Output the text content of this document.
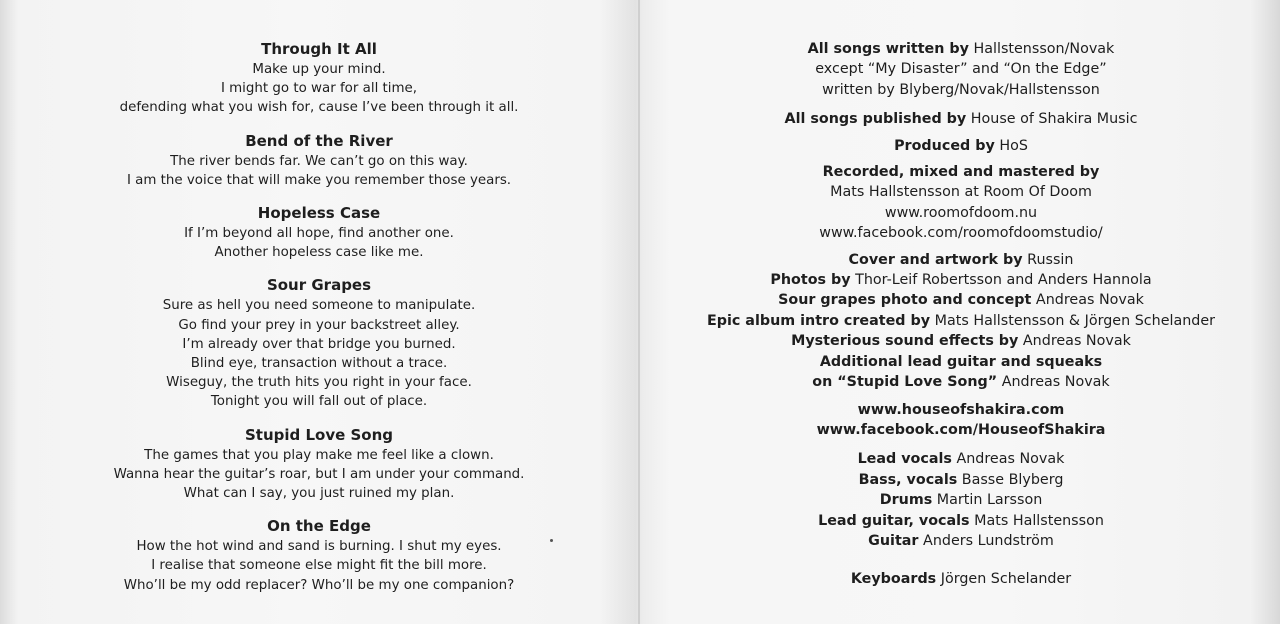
Through It All

Make up your mind.

I might go to war for all time,

defending what you wish for, cause I’ve been through it all.

Bend of the River

The river bends far. We can’t go on this way.

I am the voice that will make you remember those years.

Hopeless Case

If I’m beyond all hope, find another one.

Another hopeless case like me.

Sour Grapes

Sure as hell you need someone to manipulate.

Go find your prey in your backstreet alley.

I’m already over that bridge you burned.

Blind eye, transaction without a trace.

Wiseguy, the truth hits you right in your face.

Tonight you will fall out of place.

Stupid Love Song

The games that you play make me feel like a clown.

Wanna hear the guitar’s roar, but I am under your command.

What can I say, you just ruined my plan.

On the Edge

How the hot wind and sand is burning. I shut my eyes.

I realise that someone else might fit the bill more.

Who’ll be my odd replacer? Who’ll be my one companion?

All songs written by Hallstensson/Novak

except “My Disaster” and “On the Edge”

written by Blyberg/Novak/Hallstensson

All songs published by House of Shakira Music

Produced by HoS

Recorded, mixed and mastered by

Mats Hallstensson at Room Of Doom

www.roomofdoom.nu

www.facebook.com/roomofdoomstudio/

Cover and artwork by Russin

Photos by Thor-Leif Robertsson and Anders Hannola

Sour grapes photo and concept Andreas Novak

Epic album intro created by Mats Hallstensson & Jörgen Schelander

Mysterious sound effects by Andreas Novak

Additional lead guitar and squeaks

on “Stupid Love Song” Andreas Novak

www.houseofshakira.com

www.facebook.com/HouseofShakira

Lead vocals Andreas Novak

Bass, vocals Basse Blyberg

Drums Martin Larsson

Lead guitar, vocals Mats Hallstensson

Guitar Anders Lundström

Keyboards Jörgen Schelander
